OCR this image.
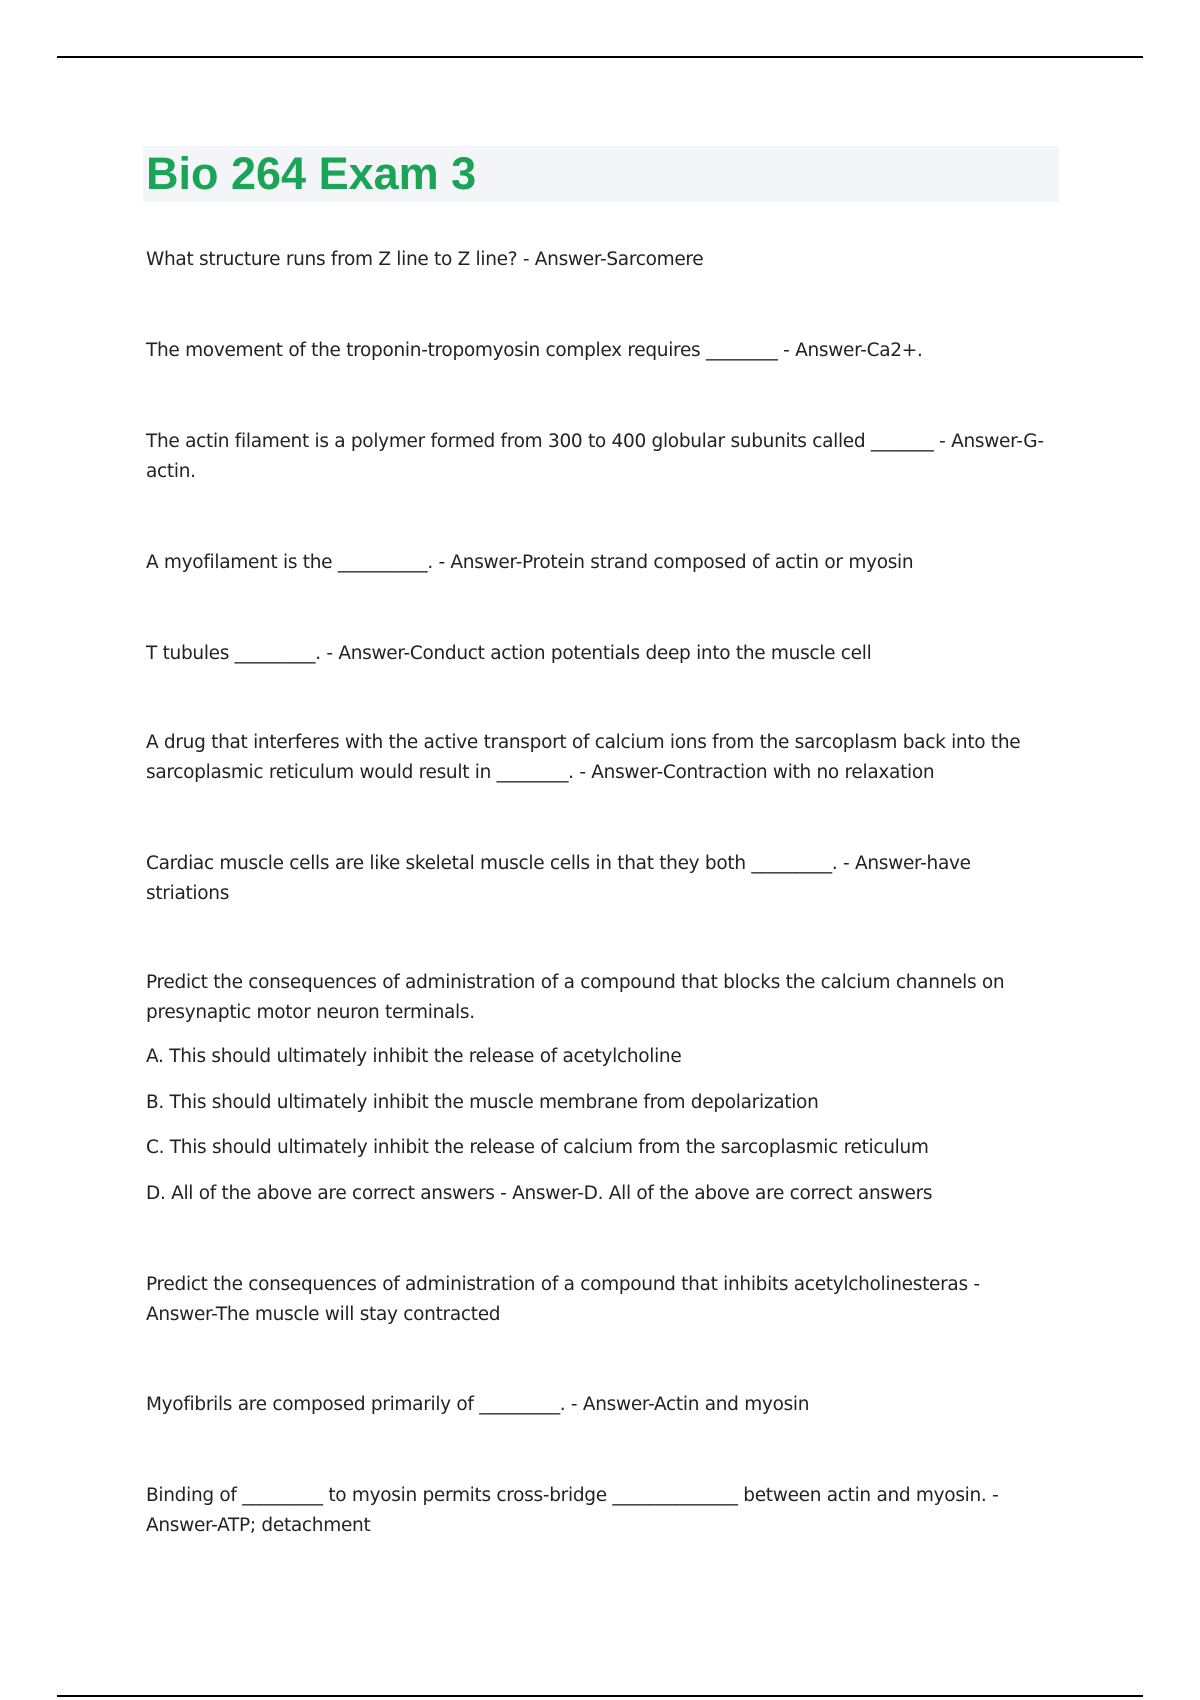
Bio 264 Exam 3

What structure runs from Z line to Z line? - Answer-Sarcomere

The movement of the troponin-tropomyosin complex requires ________ - Answer-Ca2+.

The actin filament is a polymer formed from 300 to 400 globular subunits called _______ - Answer-G-actin.

A myofilament is the __________. - Answer-Protein strand composed of actin or myosin

T tubules _________. - Answer-Conduct action potentials deep into the muscle cell

A drug that interferes with the active transport of calcium ions from the sarcoplasm back into the sarcoplasmic reticulum would result in ________. - Answer-Contraction with no relaxation

Cardiac muscle cells are like skeletal muscle cells in that they both _________. - Answer-have striations

Predict the consequences of administration of a compound that blocks the calcium channels on presynaptic motor neuron terminals.

A. This should ultimately inhibit the release of acetylcholine

B. This should ultimately inhibit the muscle membrane from depolarization

C. This should ultimately inhibit the release of calcium from the sarcoplasmic reticulum

D. All of the above are correct answers - Answer-D. All of the above are correct answers

Predict the consequences of administration of a compound that inhibits acetylcholinesteras - Answer-The muscle will stay contracted

Myofibrils are composed primarily of _________. - Answer-Actin and myosin

Binding of _________ to myosin permits cross-bridge ______________ between actin and myosin. - Answer-ATP; detachment
